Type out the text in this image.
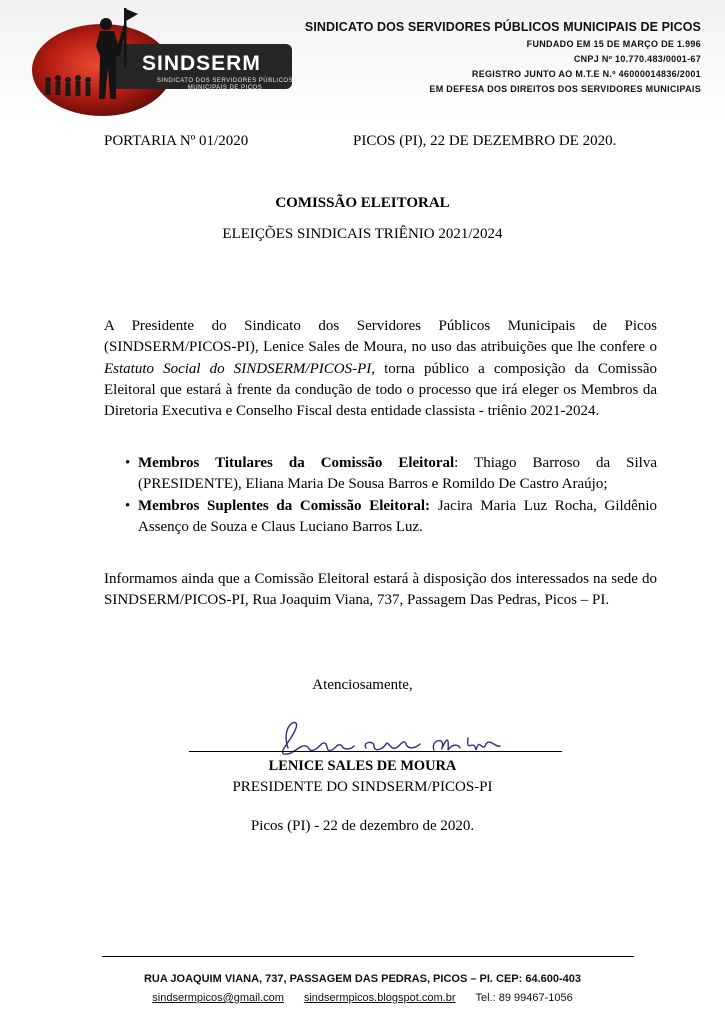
SINDSERM
SINDICATO DOS SERVIDORES PÚBLICOS MUNICIPAIS DE PICOS
SINDICATO DOS SERVIDORES PÚBLICOS MUNICIPAIS DE PICOS
FUNDADO EM 15 DE MARÇO DE 1.996
CNPJ Nº 10.770.483/0001-67
REGISTRO JUNTO AO M.T.E N.º 46000014836/2001
EM DEFESA DOS DIREITOS DOS SERVIDORES MUNICIPAIS
PORTARIA Nº 01/2020	PICOS (PI), 22 DE DEZEMBRO DE 2020.
COMISSÃO ELEITORAL
ELEIÇÕES SINDICAIS TRIÊNIO 2021/2024
A Presidente do Sindicato dos Servidores Públicos Municipais de Picos (SINDSERM/PICOS-PI), Lenice Sales de Moura, no uso das atribuições que lhe confere o Estatuto Social do SINDSERM/PICOS-PI, torna público a composição da Comissão Eleitoral que estará à frente da condução de todo o processo que irá eleger os Membros da Diretoria Executiva e Conselho Fiscal desta entidade classista - triênio 2021-2024.
• Membros Titulares da Comissão Eleitoral: Thiago Barroso da Silva (PRESIDENTE), Eliana Maria De Sousa Barros e Romildo De Castro Araújo;
• Membros Suplentes da Comissão Eleitoral: Jacira Maria Luz Rocha, Gildênio Assenço de Souza e Claus Luciano Barros Luz.
Informamos ainda que a Comissão Eleitoral estará à disposição dos interessados na sede do SINDSERM/PICOS-PI, Rua Joaquim Viana, 737, Passagem Das Pedras, Picos – PI.
Atenciosamente,
LENICE SALES DE MOURA
PRESIDENTE DO SINDSERM/PICOS-PI
Picos (PI) - 22 de dezembro de 2020.
RUA JOAQUIM VIANA, 737, PASSAGEM DAS PEDRAS, PICOS – PI. CEP: 64.600-403
sindsermpicos@gmail.com sindsermpicos.blogspot.com.br Tel.: 89 99467-1056
